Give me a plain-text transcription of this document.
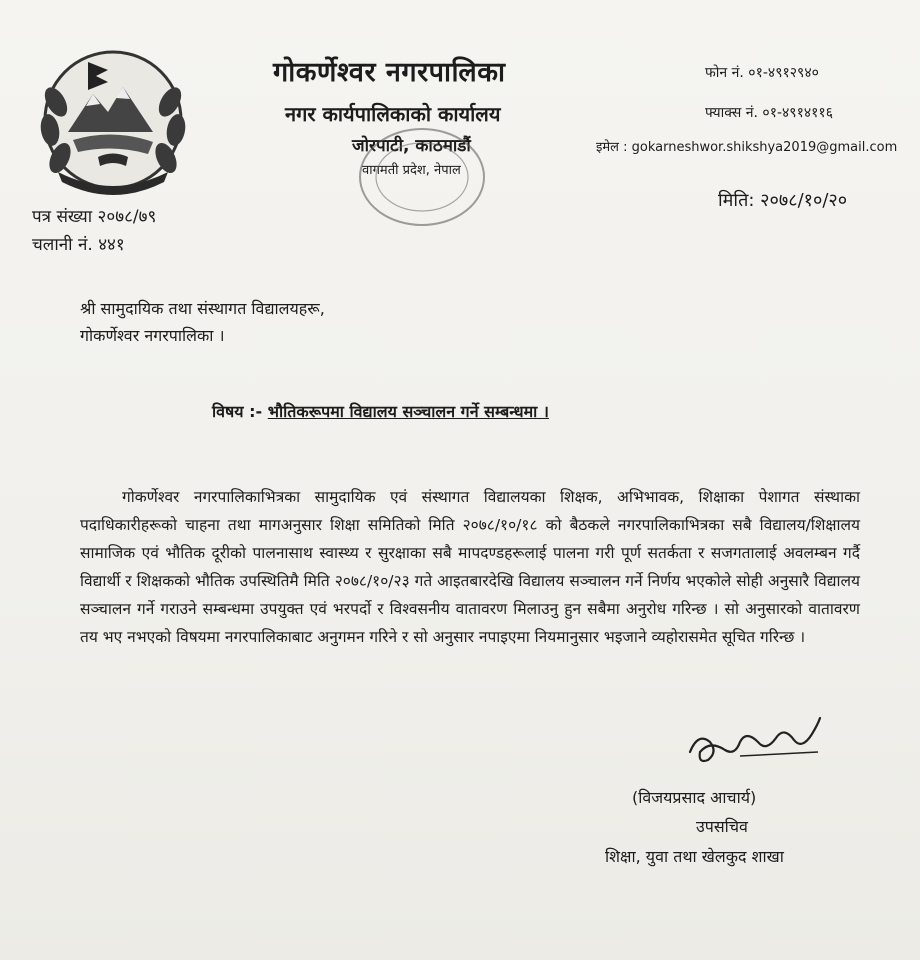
गोकर्णेश्वर नगरपालिका
नगर कार्यपालिकाको कार्यालय
जोरपाटी, काठमाडौं
वागमती प्रदेश, नेपाल
फोन नं. ०१-४९१२९४०
फ्याक्स नं. ०१-४९१४११६
इमेल : gokarneshwor.shikshya2019@gmail.com
मिति: २०७८/१०/२०
पत्र संख्या २०७८/७९
चलानी नं. ४४१
श्री सामुदायिक तथा संस्थागत विद्यालयहरू,
गोकर्णेश्वर नगरपालिका ।
विषय :- भौतिकरूपमा विद्यालय सञ्चालन गर्ने सम्बन्धमा ।
गोकर्णेश्वर नगरपालिकाभित्रका सामुदायिक एवं संस्थागत विद्यालयका शिक्षक, अभिभावक, शिक्षाका पेशागत संस्थाका पदाधिकारीहरूको चाहना तथा मागअनुसार शिक्षा समितिको मिति २०७८/१०/१८ को बैठकले नगरपालिकाभित्रका सबै विद्यालय/शिक्षालय सामाजिक एवं भौतिक दूरीको पालनासाथ स्वास्थ्य र सुरक्षाका सबै मापदण्डहरूलाई पालना गरी पूर्ण सतर्कता र सजगतालाई अवलम्बन गर्दै विद्यार्थी र शिक्षकको भौतिक उपस्थितिमै मिति २०७८/१०/२३ गते आइतबारदेखि विद्यालय सञ्चालन गर्ने निर्णय भएकोले सोही अनुसारै विद्यालय सञ्चालन गर्ने गराउने सम्बन्धमा उपयुक्त एवं भरपर्दो र विश्वसनीय वातावरण मिलाउनु हुन सबैमा अनुरोध गरिन्छ । सो अनुसारको वातावरण तय भए नभएको विषयमा नगरपालिकाबाट अनुगमन गरिने र सो अनुसार नपाइएमा नियमानुसार भइजाने व्यहोरासमेत सूचित गरिन्छ ।
(विजयप्रसाद आचार्य)
उपसचिव
शिक्षा, युवा तथा खेलकुद शाखा
